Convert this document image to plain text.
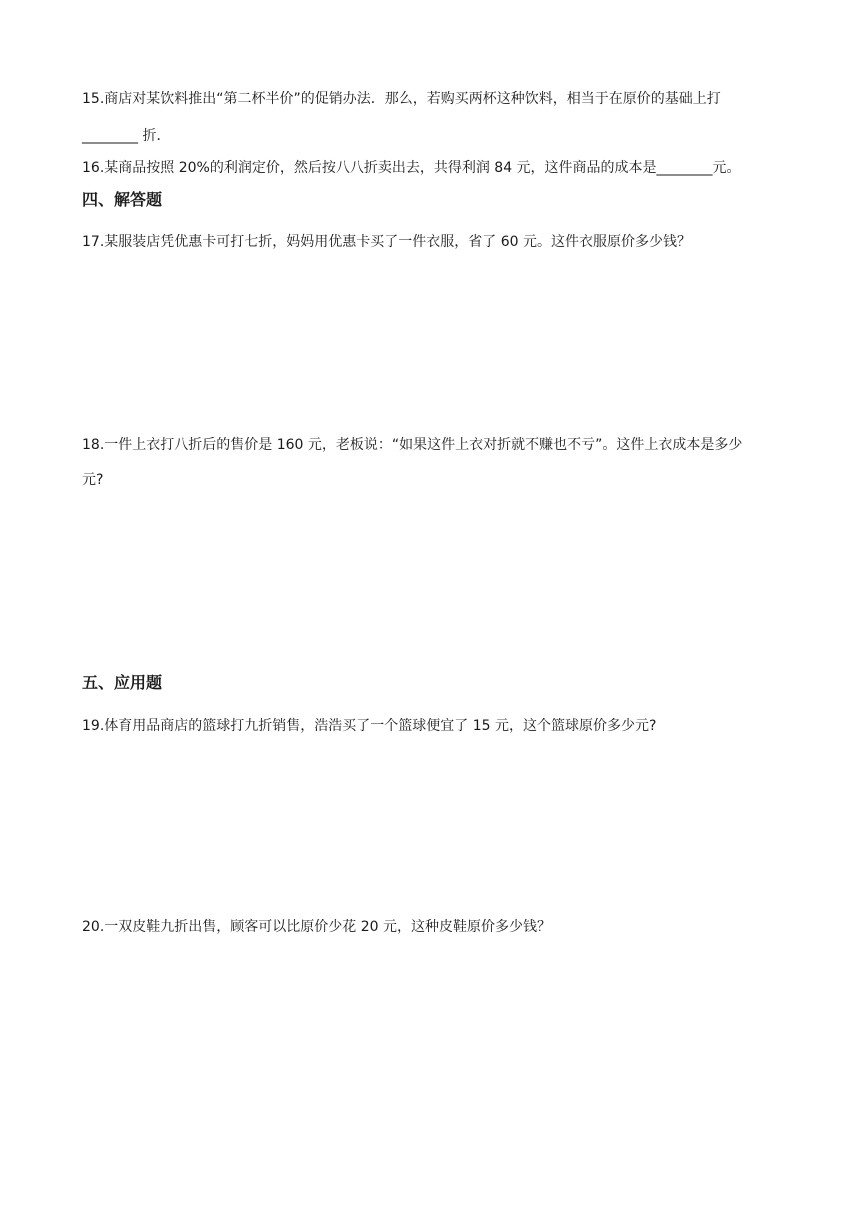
15.商店对某饮料推出“第二杯半价”的促销办法．那么，若购买两杯这种饮料，相当于在原价的基础上打
________ 折．
16.某商品按照 20%的利润定价，然后按八八折卖出去，共得利润 84 元，这件商品的成本是________元。
四、解答题
17.某服装店凭优惠卡可打七折，妈妈用优惠卡买了一件衣服，省了 60 元。这件衣服原价多少钱？
18.一件上衣打八折后的售价是 160 元，老板说：“如果这件上衣对折就不赚也不亏”。这件上衣成本是多少
元?
五、应用题
19.体育用品商店的篮球打九折销售，浩浩买了一个篮球便宜了 15 元，这个篮球原价多少元?
20.一双皮鞋九折出售，顾客可以比原价少花 20 元，这种皮鞋原价多少钱？
